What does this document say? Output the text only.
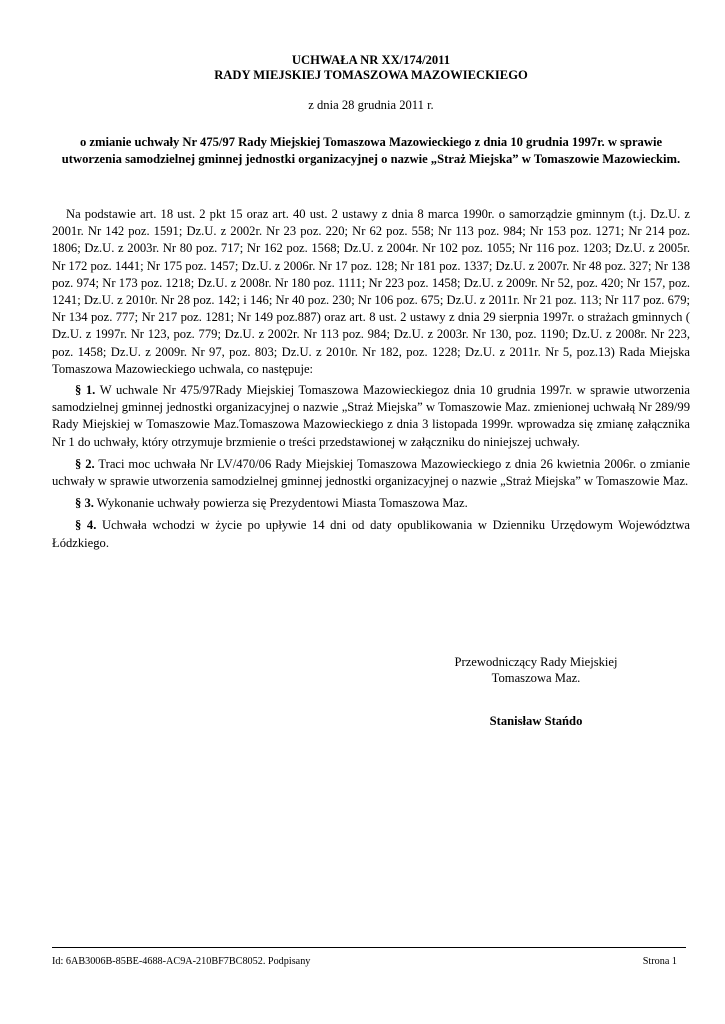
UCHWAŁA NR XX/174/2011
RADY MIEJSKIEJ TOMASZOWA MAZOWIECKIEGO
z dnia 28 grudnia 2011 r.
o zmianie uchwały Nr 475/97 Rady Miejskiej Tomaszowa Mazowieckiego z dnia 10 grudnia 1997r. w sprawie utworzenia samodzielnej gminnej jednostki organizacyjnej o nazwie „Straż Miejska” w Tomaszowie Mazowieckim.

Na podstawie art. 18 ust. 2 pkt 15 oraz art. 40 ust. 2 ustawy z dnia 8 marca 1990r. o samorządzie gminnym (t.j. Dz.U. z 2001r. Nr 142 poz. 1591; Dz.U. z 2002r. Nr 23 poz. 220; Nr 62 poz. 558; Nr 113 poz. 984; Nr 153 poz. 1271; Nr 214 poz. 1806; Dz.U. z 2003r. Nr 80 poz. 717; Nr 162 poz. 1568; Dz.U. z 2004r. Nr 102 poz. 1055; Nr 116 poz. 1203; Dz.U. z 2005r. Nr 172 poz. 1441; Nr 175 poz. 1457; Dz.U. z 2006r. Nr 17 poz. 128; Nr 181 poz. 1337; Dz.U. z 2007r. Nr 48 poz. 327; Nr 138 poz. 974; Nr 173 poz. 1218; Dz.U. z 2008r. Nr 180 poz. 1111; Nr 223 poz. 1458; Dz.U. z 2009r. Nr 52, poz. 420; Nr 157, poz. 1241; Dz.U. z 2010r. Nr 28 poz. 142; i 146; Nr 40 poz. 230; Nr 106 poz. 675; Dz.U. z 2011r. Nr 21 poz. 113; Nr 117 poz. 679; Nr 134 poz. 777; Nr 217 poz. 1281; Nr 149 poz.887) oraz art. 8 ust. 2 ustawy z dnia 29 sierpnia 1997r. o strażach gminnych ( Dz.U. z 1997r. Nr 123, poz. 779; Dz.U. z 2002r. Nr 113 poz. 984; Dz.U. z 2003r. Nr 130, poz. 1190; Dz.U. z 2008r. Nr 223, poz. 1458; Dz.U. z 2009r. Nr 97, poz. 803; Dz.U. z 2010r. Nr 182, poz. 1228; Dz.U. z 2011r. Nr 5, poz.13) Rada Miejska Tomaszowa Mazowieckiego uchwala, co następuje:

§ 1. W uchwale Nr 475/97Rady Miejskiej Tomaszowa Mazowieckiegoz dnia 10 grudnia 1997r. w sprawie utworzenia samodzielnej gminnej jednostki organizacyjnej o nazwie „Straż Miejska” w Tomaszowie Maz. zmienionej uchwałą Nr 289/99 Rady Miejskiej w Tomaszowie Maz.Tomaszowa Mazowieckiego z dnia 3 listopada 1999r. wprowadza się zmianę załącznika Nr 1 do uchwały, który otrzymuje brzmienie o treści przedstawionej w załączniku do niniejszej uchwały.

§ 2. Traci moc uchwała Nr LV/470/06 Rady Miejskiej Tomaszowa Mazowieckiego z dnia 26 kwietnia 2006r. o zmianie uchwały w sprawie utworzenia samodzielnej gminnej jednostki organizacyjnej o nazwie „Straż Miejska” w Tomaszowie Maz.

§ 3. Wykonanie uchwały powierza się Prezydentowi Miasta Tomaszowa Maz.

§ 4. Uchwała wchodzi w życie po upływie 14 dni od daty opublikowania w Dzienniku Urzędowym Województwa Łódzkiego.

Przewodniczący Rady Miejskiej
Tomaszowa Maz.
Stanisław Stańdo
Id: 6AB3006B-85BE-4688-AC9A-210BF7BC8052. Podpisany	Strona 1
